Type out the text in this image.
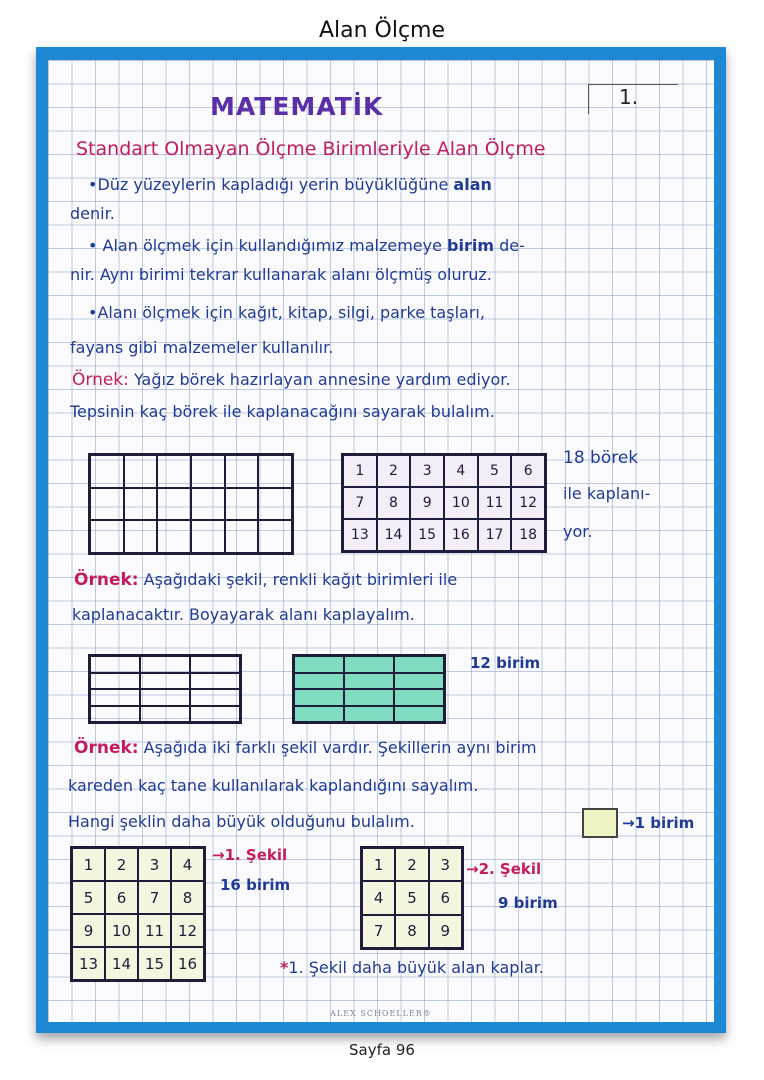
Alan Ölçme
MATEMATİK	1.
Standart Olmayan Ölçme Birimleriyle Alan Ölçme
•Düz yüzeylerin kapladığı yerin büyüklüğüne alan
denir.
• Alan ölçmek için kullandığımız malzemeye birim de-
nir. Aynı birimi tekrar kullanarak alanı ölçmüş oluruz.
•Alanı ölçmek için kağıt, kitap, silgi, parke taşları,
fayans gibi malzemeler kullanılır.
Örnek: Yağız börek hazırlayan annesine yardım ediyor.
Tepsinin kaç börek ile kaplanacağını sayarak bulalım.
1	2	3	4	5	6
7	8	9	10	11	12
13	14	15	16	17	18
18 börek
ile kaplanı-
yor.
Örnek: Aşağıdaki şekil, renkli kağıt birimleri ile
kaplanacaktır. Boyayarak alanı kaplayalım.
12 birim
Örnek: Aşağıda iki farklı şekil vardır. Şekillerin aynı birim
kareden kaç tane kullanılarak kaplandığını sayalım.
Hangi şeklin daha büyük olduğunu bulalım.	→1 birim
1	2	3	4
5	6	7	8
9	10 11 12
13 14 15 16
→1. Şekil
16 birim
1	2	3
4	5	6
7	8	9
→2. Şekil
9 birim
*1. Şekil daha büyük alan kaplar.
ALEX SCHOELLER®
Sayfa 96
